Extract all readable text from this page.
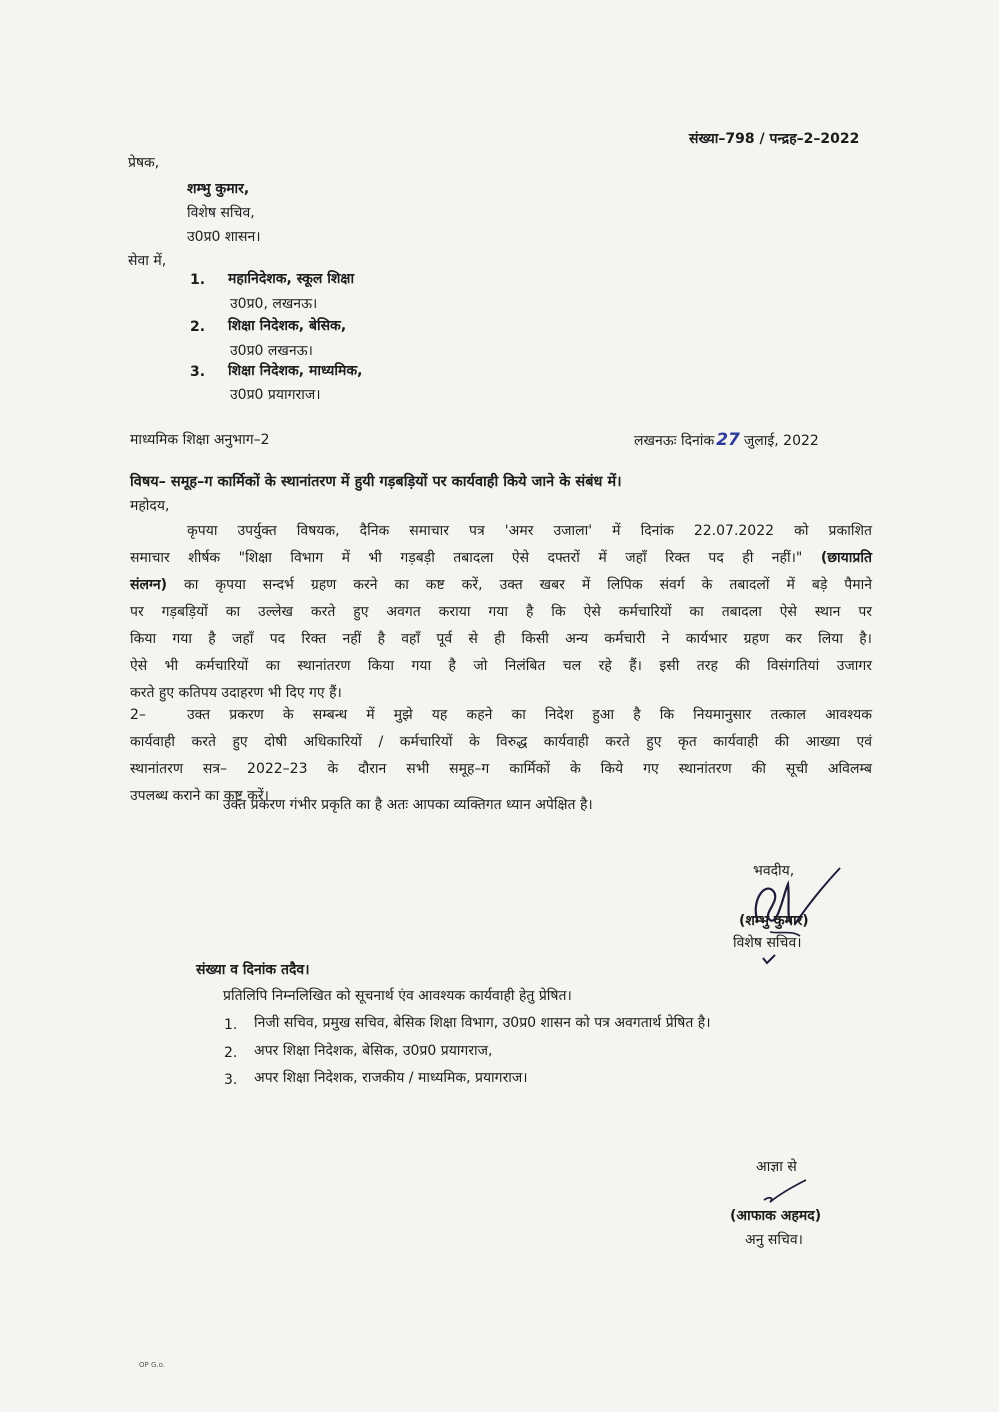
संख्या–798 / पन्द्रह–2–2022
प्रेषक,
शम्भु कुमार,
विशेष सचिव,
उ0प्र0 शासन।
सेवा में,
1. महानिदेशक, स्कूल शिक्षा
उ0प्र0, लखनऊ।
2. शिक्षा निदेशक, बेसिक,
उ0प्र0 लखनऊ।
3. शिक्षा निदेशक, माध्यमिक,
उ0प्र0 प्रयागराज।
माध्यमिक शिक्षा अनुभाग–2	लखनऊः दिनांक 27 जुलाई, 2022
विषय– समूह–ग कार्मिकों के स्थानांतरण में हुयी गड़बड़ियों पर कार्यवाही किये जाने के संबंध में।
महोदय,
कृपया उपर्युक्त विषयक, दैनिक समाचार पत्र 'अमर उजाला' में दिनांक 22.07.2022 को प्रकाशित
समाचार शीर्षक "शिक्षा विभाग में भी गड़बड़ी तबादला ऐसे दफ्तरों में जहाँ रिक्त पद ही नहीं।" (छायाप्रति
संलग्न) का कृपया सन्दर्भ ग्रहण करने का कष्ट करें, उक्त खबर में लिपिक संवर्ग के तबादलों में बड़े पैमाने
पर गड़बड़ियों का उल्लेख करते हुए अवगत कराया गया है कि ऐसे कर्मचारियों का तबादला ऐसे स्थान पर
किया गया है जहाँ पद रिक्त नहीं है वहाँ पूर्व से ही किसी अन्य कर्मचारी ने कार्यभार ग्रहण कर लिया है।
ऐसे भी कर्मचारियों का स्थानांतरण किया गया है जो निलंबित चल रहे हैं। इसी तरह की विसंगतियां उजागर
करते हुए कतिपय उदाहरण भी दिए गए हैं।
2–	उक्त प्रकरण के सम्बन्ध में मुझे यह कहने का निदेश हुआ है कि नियमानुसार तत्काल आवश्यक
कार्यवाही करते हुए दोषी अधिकारियों / कर्मचारियों के विरुद्ध कार्यवाही करते हुए कृत कार्यवाही की आख्या एवं
स्थानांतरण सत्र– 2022–23 के दौरान सभी समूह–ग कार्मिकों के किये गए स्थानांतरण की सूची अविलम्ब
उपलब्ध कराने का कष्ट करें।
उक्त प्रकरण गंभीर प्रकृति का है अतः आपका व्यक्तिगत ध्यान अपेक्षित है।
भवदीय,
(शम्भु कुमार)
विशेष सचिव।
संख्या व दिनांक तदैव।
प्रतिलिपि निम्नलिखित को सूचनार्थ एंव आवश्यक कार्यवाही हेतु प्रेषित।
1. निजी सचिव, प्रमुख सचिव, बेसिक शिक्षा विभाग, उ0प्र0 शासन को पत्र अवगतार्थ प्रेषित है।
2. अपर शिक्षा निदेशक, बेसिक, उ0प्र0 प्रयागराज,
3. अपर शिक्षा निदेशक, राजकीय / माध्यमिक, प्रयागराज।
आज्ञा से
(आफाक अहमद)
अनु सचिव।
OP G.o.
